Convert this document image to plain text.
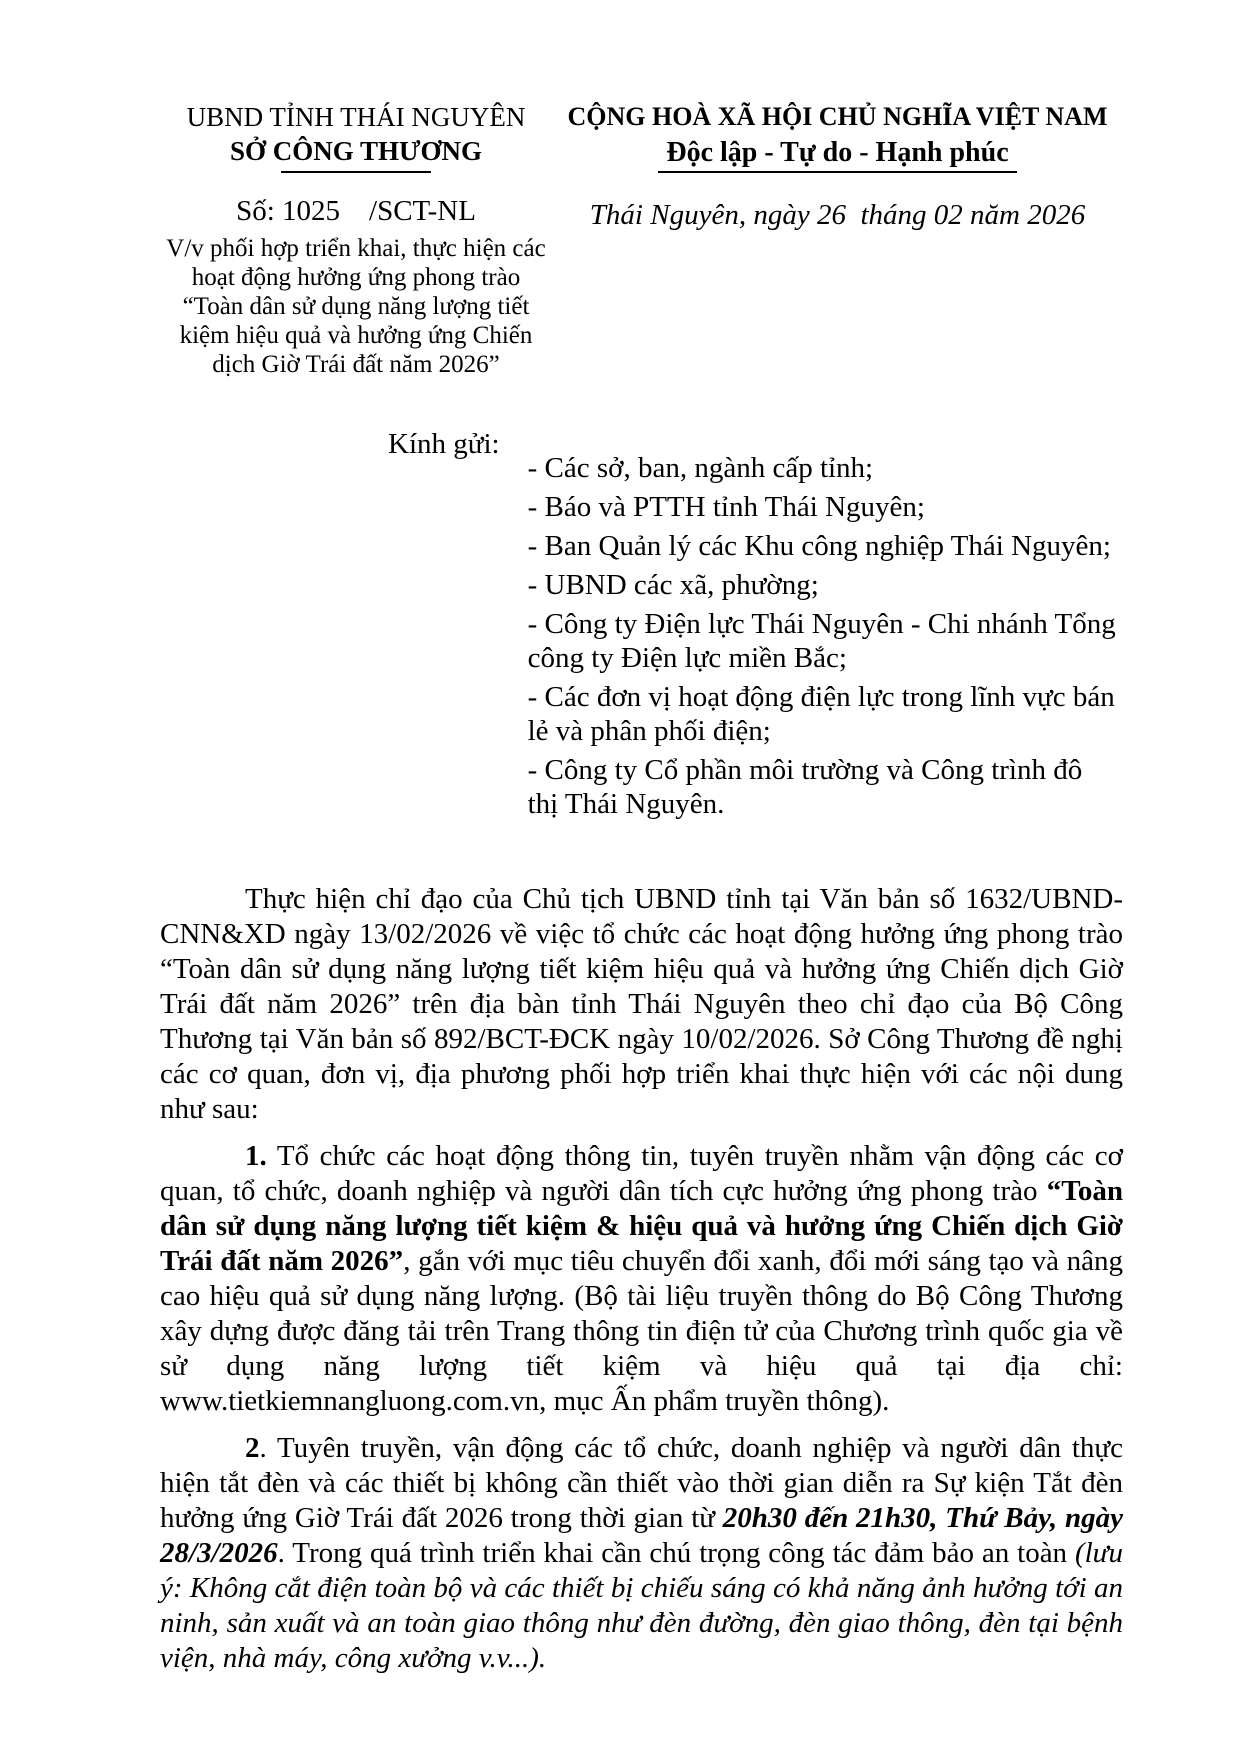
UBND TỈNH THÁI NGUYÊN
SỞ CÔNG THƯƠNG
Số: 1025    /SCT-NL
V/v phối hợp triển khai, thực hiện các hoạt động hưởng ứng phong trào “Toàn dân sử dụng năng lượng tiết kiệm hiệu quả và hưởng ứng Chiến dịch Giờ Trái đất năm 2026”
CỘNG HOÀ XÃ HỘI CHỦ NGHĨA VIỆT NAM
Độc lập - Tự do - Hạnh phúc
Thái Nguyên, ngày 26  tháng 02 năm 2026
Kính gửi:
- Các sở, ban, ngành cấp tỉnh;
- Báo và PTTH tỉnh Thái Nguyên;
- Ban Quản lý các Khu công nghiệp Thái Nguyên;
- UBND các xã, phường;
- Công ty Điện lực Thái Nguyên - Chi nhánh Tổng công ty Điện lực miền Bắc;
- Các đơn vị hoạt động điện lực trong lĩnh vực bán lẻ và phân phối điện;
- Công ty Cổ phần môi trường và Công trình đô thị Thái Nguyên.

Thực hiện chỉ đạo của Chủ tịch UBND tỉnh tại Văn bản số 1632/UBND-CNN&XD ngày 13/02/2026 về việc tổ chức các hoạt động hưởng ứng phong trào “Toàn dân sử dụng năng lượng tiết kiệm hiệu quả và hưởng ứng Chiến dịch Giờ Trái đất năm 2026” trên địa bàn tỉnh Thái Nguyên theo chỉ đạo của Bộ Công Thương tại Văn bản số 892/BCT-ĐCK ngày 10/02/2026. Sở Công Thương đề nghị các cơ quan, đơn vị, địa phương phối hợp triển khai thực hiện với các nội dung như sau:

1. Tổ chức các hoạt động thông tin, tuyên truyền nhằm vận động các cơ quan, tổ chức, doanh nghiệp và người dân tích cực hưởng ứng phong trào “Toàn dân sử dụng năng lượng tiết kiệm & hiệu quả và hưởng ứng Chiến dịch Giờ Trái đất năm 2026”, gắn với mục tiêu chuyển đổi xanh, đổi mới sáng tạo và nâng cao hiệu quả sử dụng năng lượng. (Bộ tài liệu truyền thông do Bộ Công Thương xây dựng được đăng tải trên Trang thông tin điện tử của Chương trình quốc gia về sử dụng năng lượng tiết kiệm và hiệu quả tại địa chỉ: www.tietkiemnangluong.com.vn, mục Ấn phẩm truyền thông).

2. Tuyên truyền, vận động các tổ chức, doanh nghiệp và người dân thực hiện tắt đèn và các thiết bị không cần thiết vào thời gian diễn ra Sự kiện Tắt đèn hưởng ứng Giờ Trái đất 2026 trong thời gian từ 20h30 đến 21h30, Thứ Bảy, ngày 28/3/2026. Trong quá trình triển khai cần chú trọng công tác đảm bảo an toàn (lưu ý: Không cắt điện toàn bộ và các thiết bị chiếu sáng có khả năng ảnh hưởng tới an ninh, sản xuất và an toàn giao thông như đèn đường, đèn giao thông, đèn tại bệnh viện, nhà máy, công xưởng v.v...).
